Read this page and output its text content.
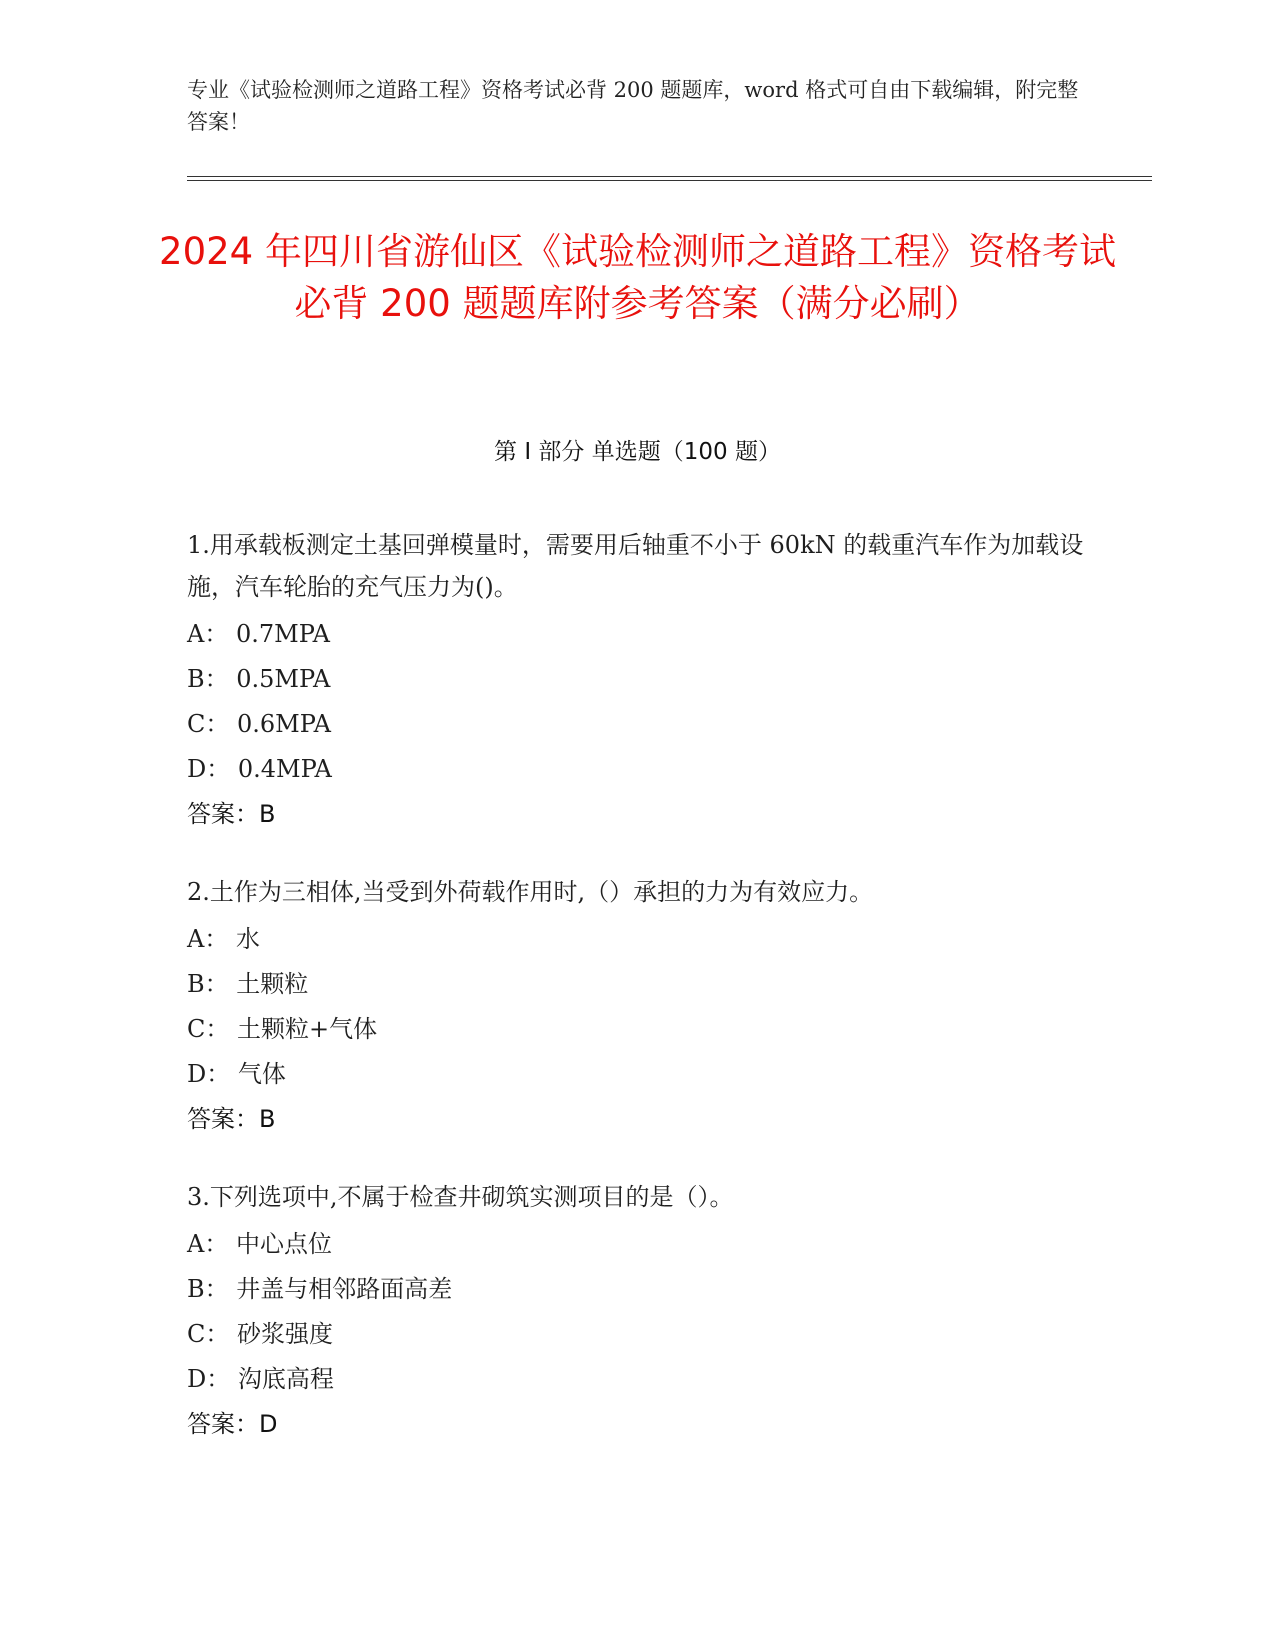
专业《试验检测师之道路工程》资格考试必背 200 题题库，word 格式可自由下载编辑，附完整答案！
2024 年四川省游仙区《试验检测师之道路工程》资格考试必背 200 题题库附参考答案（满分必刷）
第 I 部分 单选题（100 题）
1.用承载板测定土基回弹模量时，需要用后轴重不小于 60kN 的载重汽车作为加载设施，汽车轮胎的充气压力为()。
A： 0.7MPA
B： 0.5MPA
C： 0.6MPA
D： 0.4MPA
答案：B
2.土作为三相体,当受到外荷载作用时,（）承担的力为有效应力。
A： 水
B： 土颗粒
C： 土颗粒+气体
D： 气体
答案：B
3.下列选项中,不属于检查井砌筑实测项目的是（）。
A： 中心点位
B： 井盖与相邻路面高差
C： 砂浆强度
D： 沟底高程
答案：D
